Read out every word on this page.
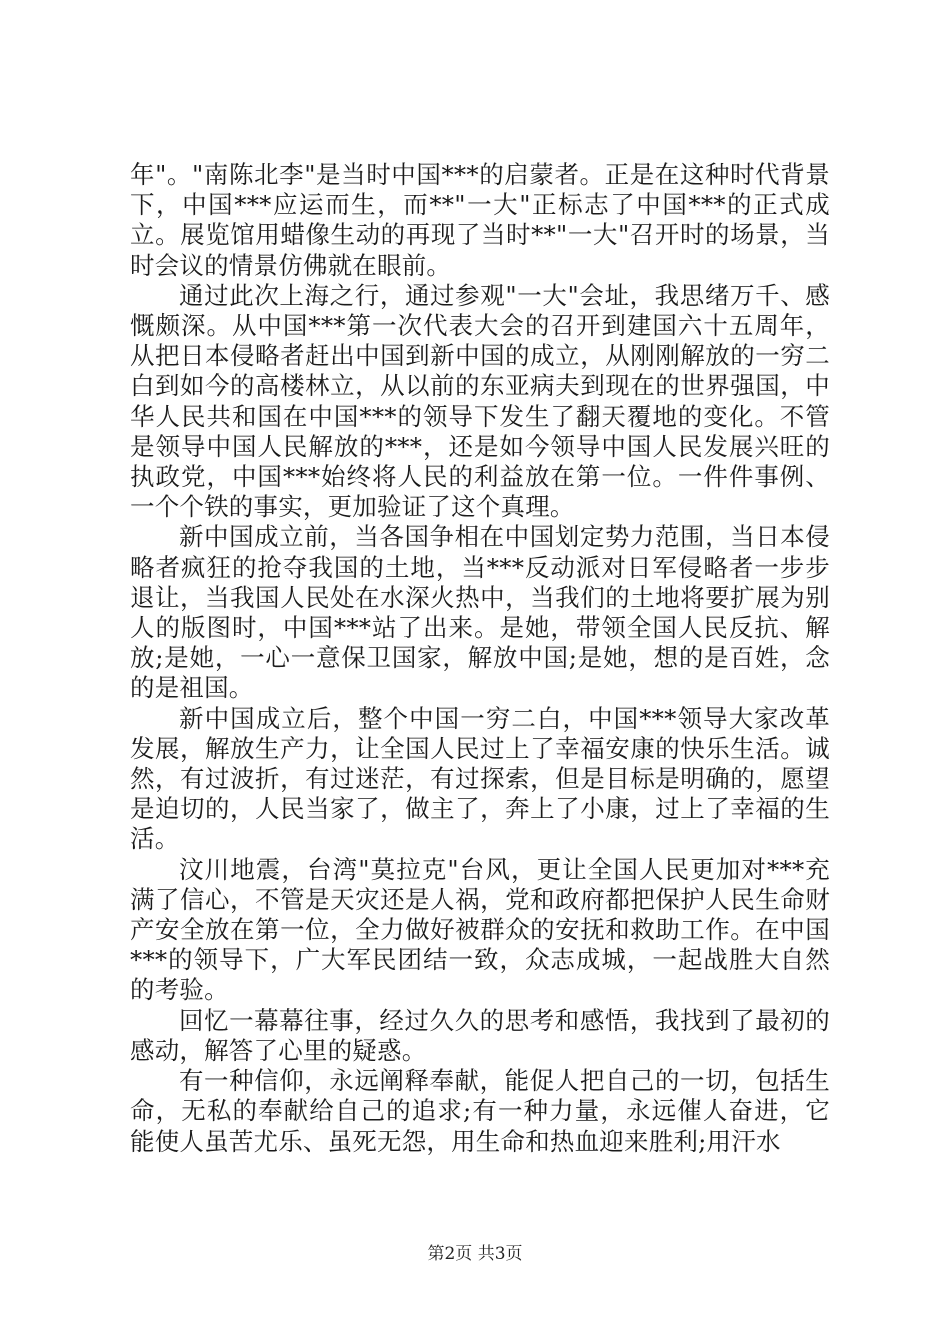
年"。"南陈北李"是当时中国***的启蒙者。正是在这种时代背景下，中国***应运而生，而**"一大"正标志了中国***的正式成立。展览馆用蜡像生动的再现了当时**"一大"召开时的场景，当时会议的情景仿佛就在眼前。

通过此次上海之行，通过参观"一大"会址，我思绪万千、感慨颇深。从中国***第一次代表大会的召开到建国六十五周年，从把日本侵略者赶出中国到新中国的成立，从刚刚解放的一穷二白到如今的高楼林立，从以前的东亚病夫到现在的世界强国，中华人民共和国在中国***的领导下发生了翻天覆地的变化。不管是领导中国人民解放的***，还是如今领导中国人民发展兴旺的执政党，中国***始终将人民的利益放在第一位。一件件事例、一个个铁的事实，更加验证了这个真理。

新中国成立前，当各国争相在中国划定势力范围，当日本侵略者疯狂的抢夺我国的土地，当***反动派对日军侵略者一步步退让，当我国人民处在水深火热中，当我们的土地将要扩展为别人的版图时，中国***站了出来。是她，带领全国人民反抗、解放;是她，一心一意保卫国家，解放中国;是她，想的是百姓，念的是祖国。

新中国成立后，整个中国一穷二白，中国***领导大家改革发展，解放生产力，让全国人民过上了幸福安康的快乐生活。诚然，有过波折，有过迷茫，有过探索，但是目标是明确的，愿望是迫切的，人民当家了，做主了，奔上了小康，过上了幸福的生活。

汶川地震，台湾"莫拉克"台风，更让全国人民更加对***充满了信心，不管是天灾还是人祸，党和政府都把保护人民生命财产安全放在第一位，全力做好被群众的安抚和救助工作。在中国***的领导下，广大军民团结一致，众志成城，一起战胜大自然的考验。

回忆一幕幕往事，经过久久的思考和感悟，我找到了最初的感动，解答了心里的疑惑。

有一种信仰，永远阐释奉献，能促人把自己的一切，包括生命，无私的奉献给自己的追求;有一种力量，永远催人奋进，它能使人虽苦尤乐、虽死无怨，用生命和热血迎来胜利;用汗水

第2页 共3页
